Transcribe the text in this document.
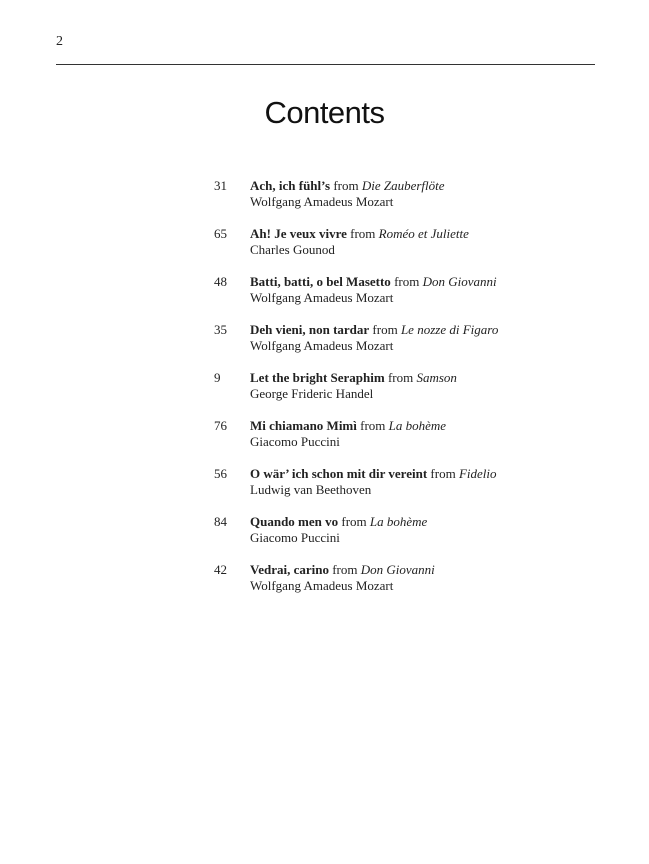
2
Contents
31 Ach, ich fühl’s from Die Zauberflöte
Wolfgang Amadeus Mozart
65 Ah! Je veux vivre from Roméo et Juliette
Charles Gounod
48 Batti, batti, o bel Masetto from Don Giovanni
Wolfgang Amadeus Mozart
35 Deh vieni, non tardar from Le nozze di Figaro
Wolfgang Amadeus Mozart
9 Let the bright Seraphim from Samson
George Frideric Handel
76 Mi chiamano Mimì from La bohème
Giacomo Puccini
56 O wär’ ich schon mit dir vereint from Fidelio
Ludwig van Beethoven
84 Quando men vo from La bohème
Giacomo Puccini
42 Vedrai, carino from Don Giovanni
Wolfgang Amadeus Mozart
